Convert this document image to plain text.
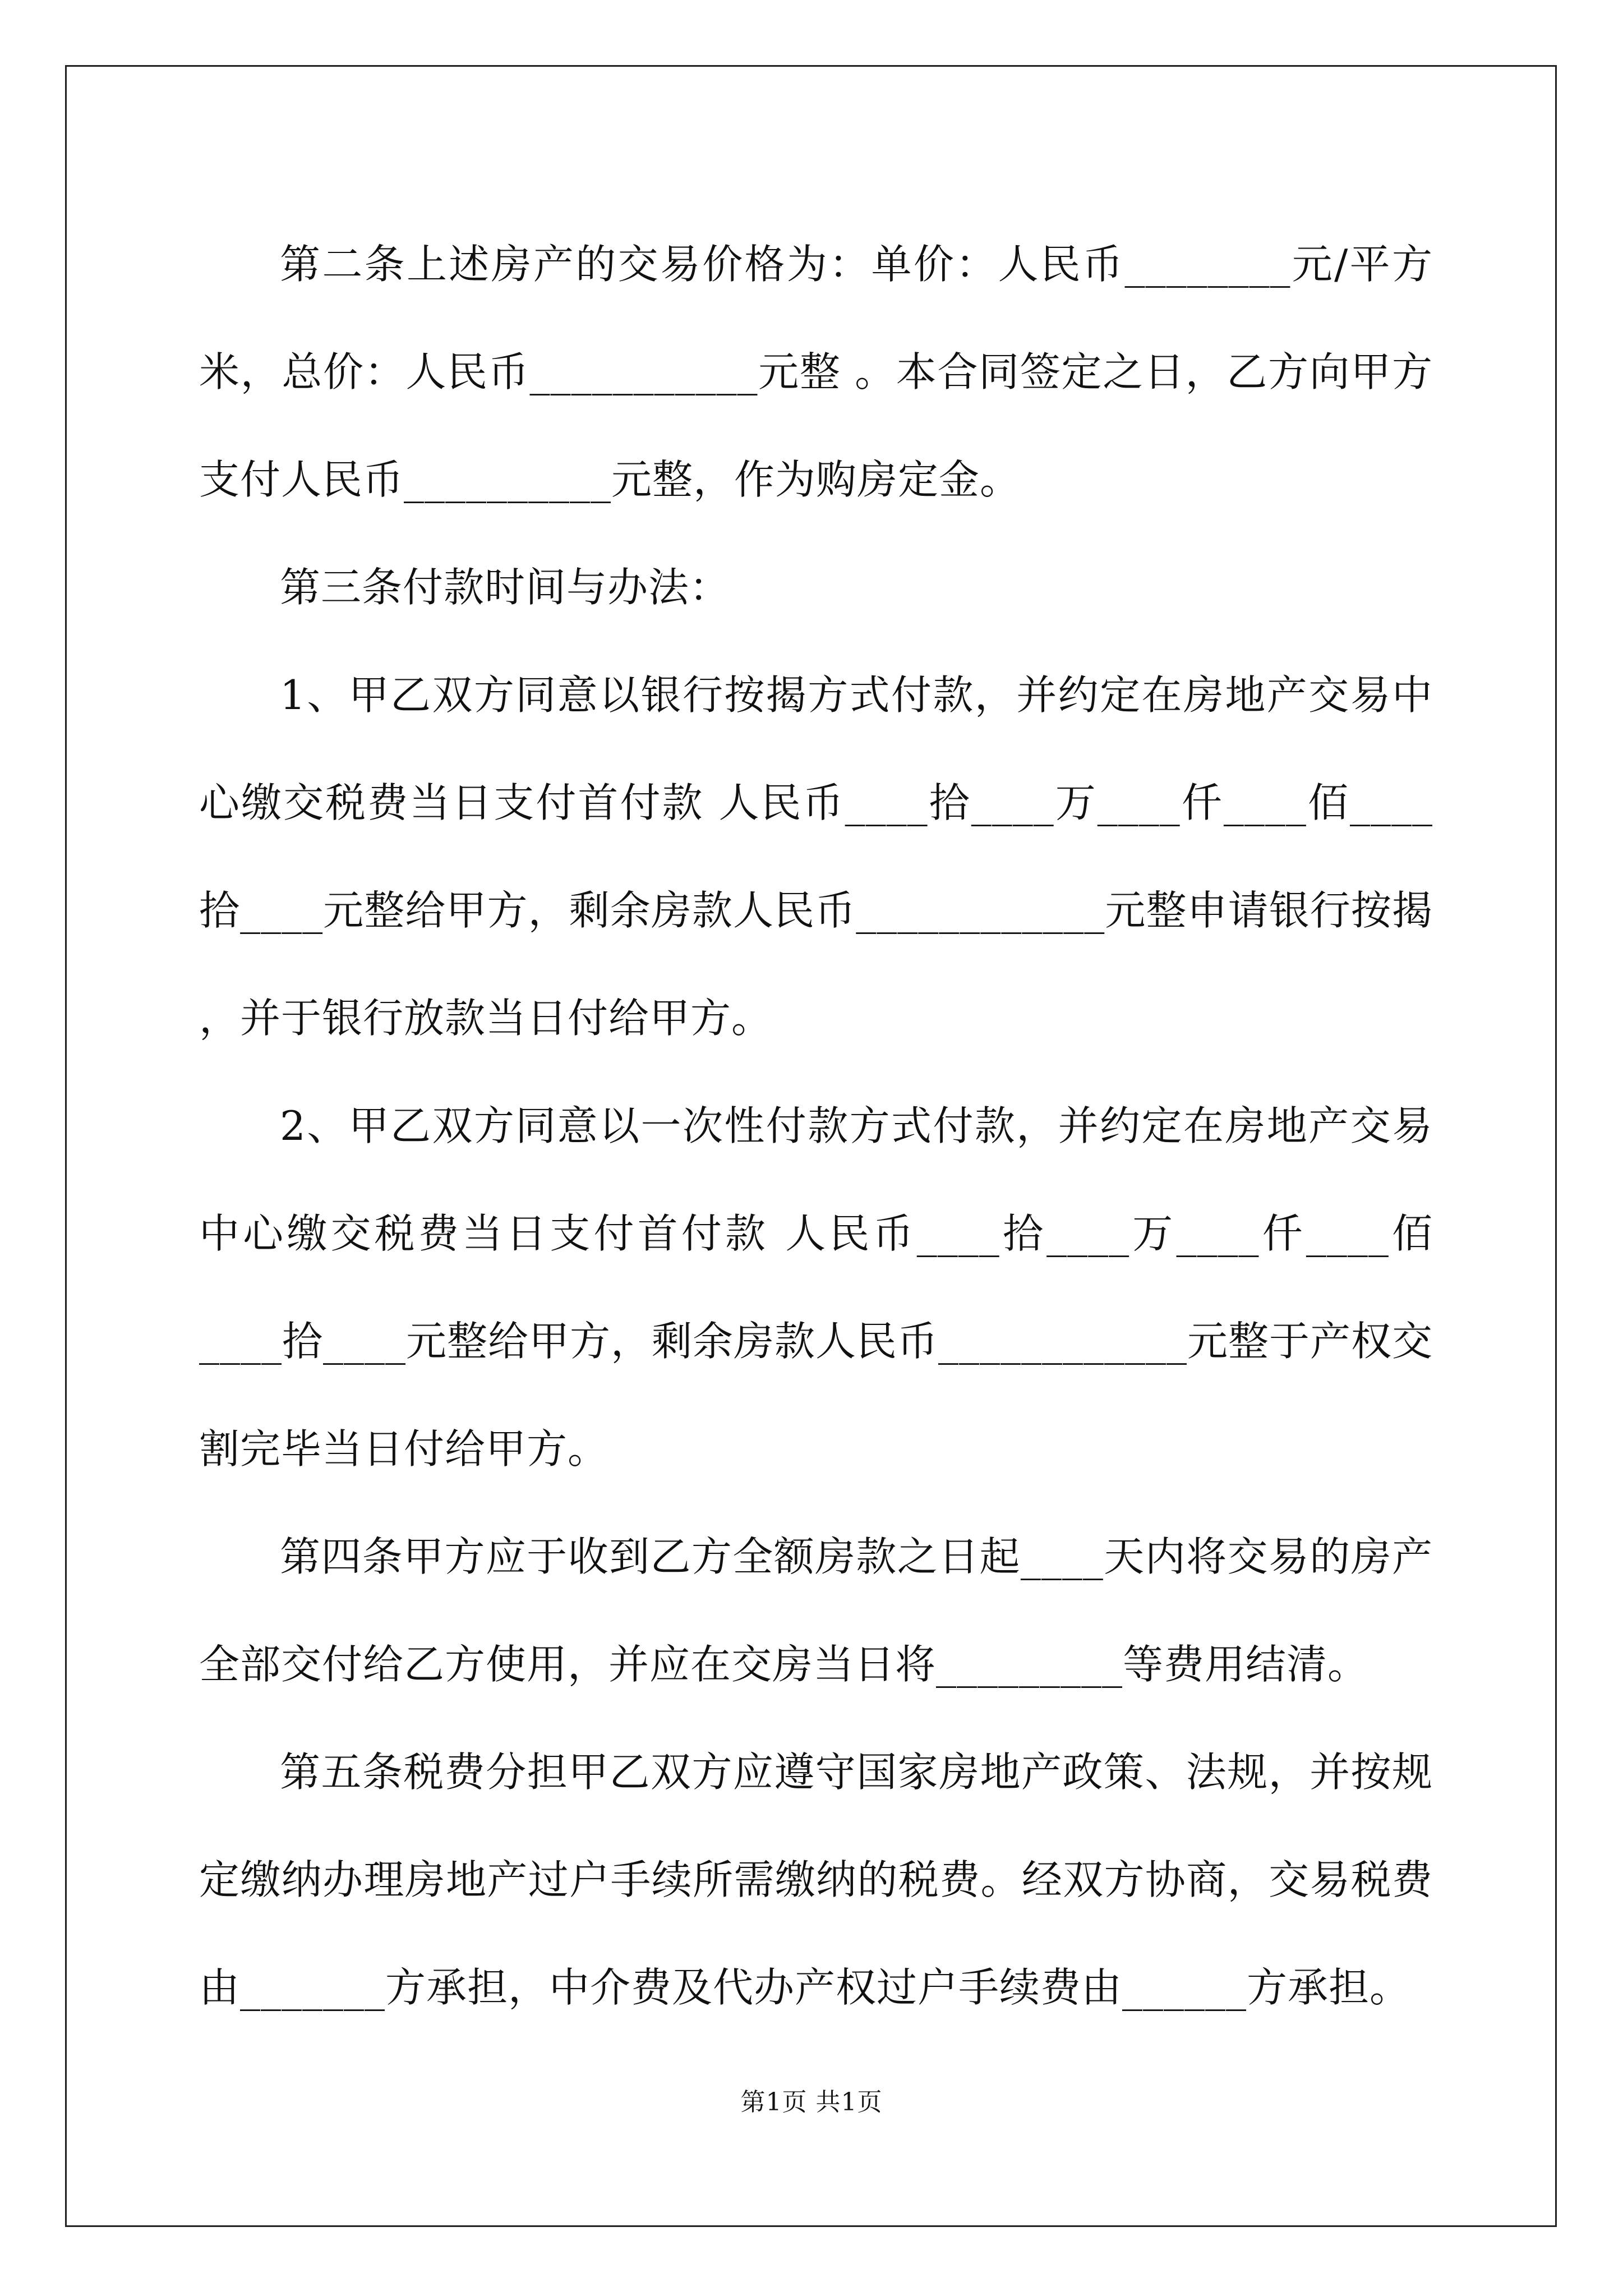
第二条上述房产的交易价格为：单价：人民币________元/平方米，总价：人民币___________元整 。本合同签定之日，乙方向甲方支付人民币__________元整，作为购房定金。

第三条付款时间与办法：

1、甲乙双方同意以银行按揭方式付款，并约定在房地产交易中心缴交税费当日支付首付款 人民币____拾____万____仟____佰____拾____元整给甲方，剩余房款人民币____________元整申请银行按揭 ，并于银行放款当日付给甲方。

2、甲乙双方同意以一次性付款方式付款，并约定在房地产交易中心缴交税费当日支付首付款 人民币____拾____万____仟____佰____拾____元整给甲方，剩余房款人民币____________元整于产权交割完毕当日付给甲方。

第四条甲方应于收到乙方全额房款之日起____天内将交易的房产全部交付给乙方使用，并应在交房当日将_________等费用结清。

第五条税费分担甲乙双方应遵守国家房地产政策、法规，并按规定缴纳办理房地产过户手续所需缴纳的税费。经双方协商，交易税费由_______方承担，中介费及代办产权过户手续费由______方承担。

第1页 共1页
